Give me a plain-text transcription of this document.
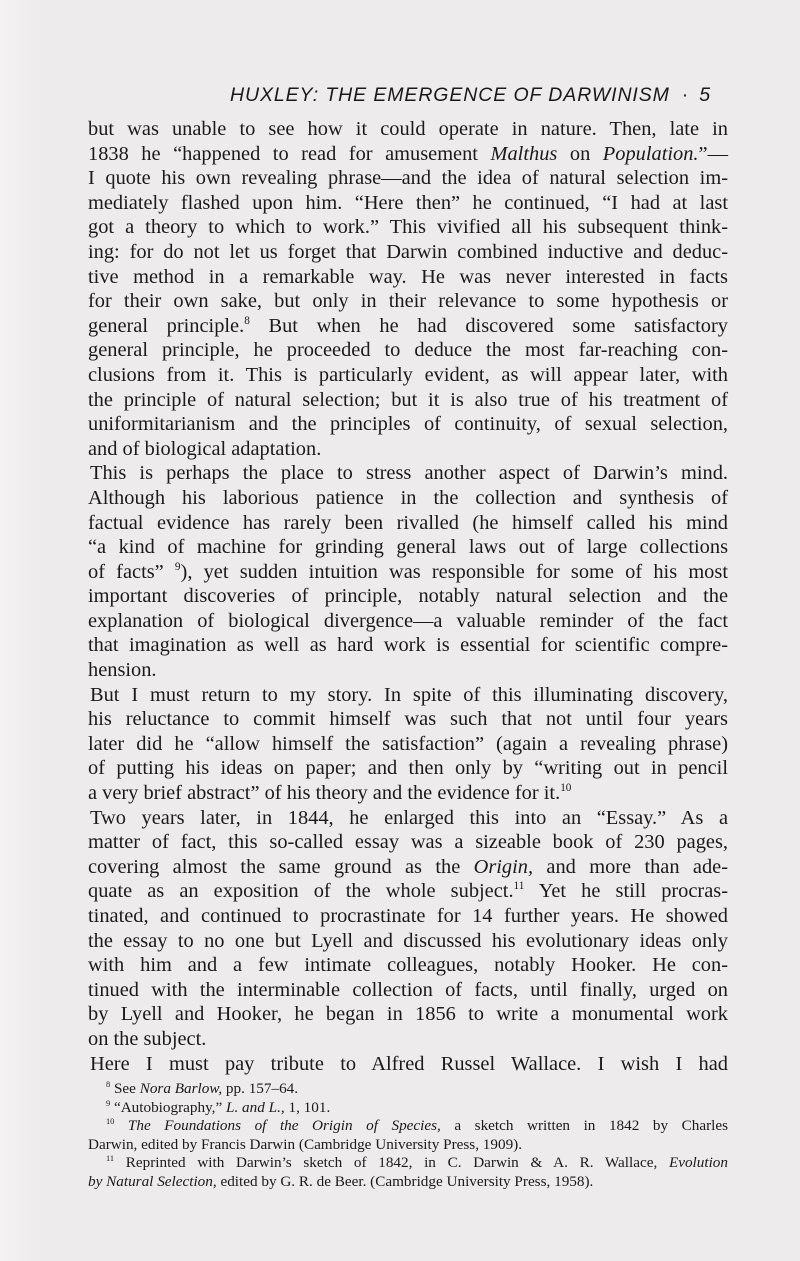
HUXLEY: THE EMERGENCE OF DARWINISM · 5
but was unable to see how it could operate in nature. Then, late in
1838 he “happened to read for amusement Malthus on Population.”—
I quote his own revealing phrase—and the idea of natural selection im-
mediately flashed upon him. “Here then” he continued, “I had at last
got a theory to which to work.” This vivified all his subsequent think-
ing: for do not let us forget that Darwin combined inductive and deduc-
tive method in a remarkable way. He was never interested in facts
for their own sake, but only in their relevance to some hypothesis or
general principle.$^8$ But when he had discovered some satisfactory
general principle, he proceeded to deduce the most far-reaching con-
clusions from it. This is particularly evident, as will appear later, with
the principle of natural selection; but it is also true of his treatment of
uniformitarianism and the principles of continuity, of sexual selection,
and of biological adaptation.
This is perhaps the place to stress another aspect of Darwin’s mind.
Although his laborious patience in the collection and synthesis of
factual evidence has rarely been rivalled (he himself called his mind
“a kind of machine for grinding general laws out of large collections
of facts” $^9$), yet sudden intuition was responsible for some of his most
important discoveries of principle, notably natural selection and the
explanation of biological divergence—a valuable reminder of the fact
that imagination as well as hard work is essential for scientific compre-
hension.
But I must return to my story. In spite of this illuminating discovery,
his reluctance to commit himself was such that not until four years
later did he “allow himself the satisfaction” (again a revealing phrase)
of putting his ideas on paper; and then only by “writing out in pencil
a very brief abstract” of his theory and the evidence for it.$^{10}$
Two years later, in 1844, he enlarged this into an “Essay.” As a
matter of fact, this so-called essay was a sizeable book of 230 pages,
covering almost the same ground as the Origin, and more than ade-
quate as an exposition of the whole subject.$^{11}$ Yet he still procras-
tinated, and continued to procrastinate for 14 further years. He showed
the essay to no one but Lyell and discussed his evolutionary ideas only
with him and a few intimate colleagues, notably Hooker. He con-
tinued with the interminable collection of facts, until finally, urged on
by Lyell and Hooker, he began in 1856 to write a monumental work
on the subject.
Here I must pay tribute to Alfred Russel Wallace. I wish I had
$^8$ See Nora Barlow, pp. 157–64.
$^9$ “Autobiography,” L. and L., 1, 101.
$^{10}$ The Foundations of the Origin of Species, a sketch written in 1842 by Charles
Darwin, edited by Francis Darwin (Cambridge University Press, 1909).
$^{11}$ Reprinted with Darwin’s sketch of 1842, in C. Darwin & A. R. Wallace, Evolution
by Natural Selection, edited by G. R. de Beer. (Cambridge University Press, 1958).
